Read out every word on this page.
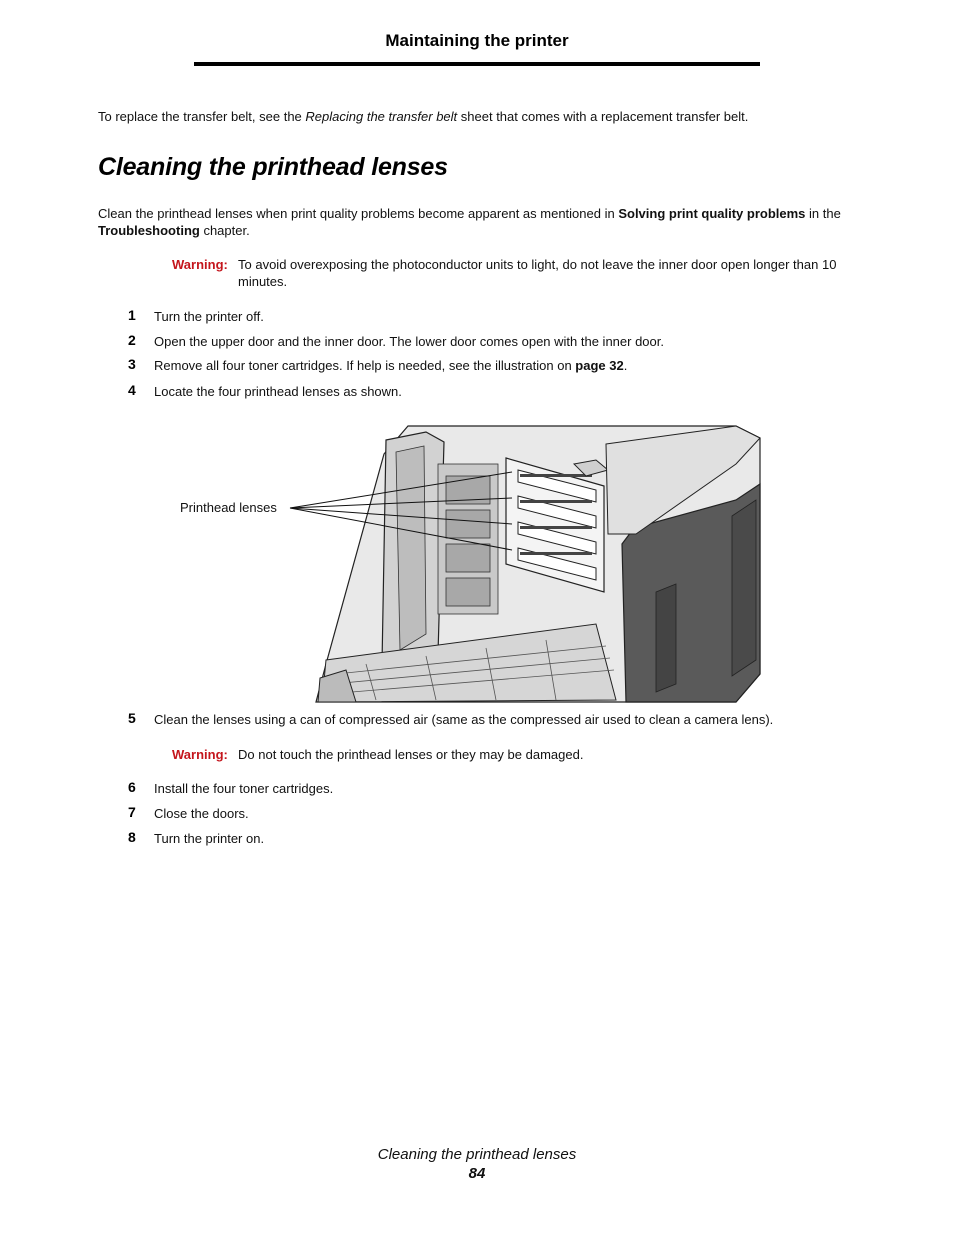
Maintaining the printer
To replace the transfer belt, see the Replacing the transfer belt sheet that comes with a replacement transfer belt.
Cleaning the printhead lenses
Clean the printhead lenses when print quality problems become apparent as mentioned in Solving print quality problems in the Troubleshooting chapter.
Warning: To avoid overexposing the photoconductor units to light, do not leave the inner door open longer than 10 minutes.
1 Turn the printer off.
2 Open the upper door and the inner door. The lower door comes open with the inner door.
3 Remove all four toner cartridges. If help is needed, see the illustration on page 32.
4 Locate the four printhead lenses as shown.
Printhead lenses
5 Clean the lenses using a can of compressed air (same as the compressed air used to clean a camera lens).
Warning: Do not touch the printhead lenses or they may be damaged.
6 Install the four toner cartridges.
7 Close the doors.
8 Turn the printer on.
Cleaning the printhead lenses
84
